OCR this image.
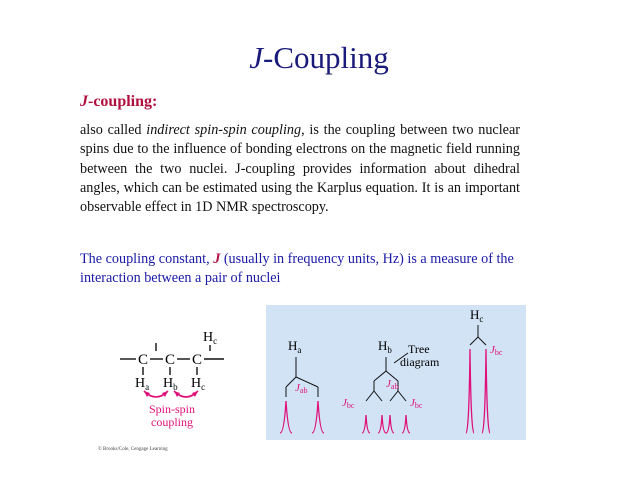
J-Coupling
J-coupling:
also called indirect spin-spin coupling, is the coupling between two nuclear spins due to the influence of bonding electrons on the magnetic field running between the two nuclei. J-coupling provides information about dihedral angles, which can be estimated using the Karplus equation. It is an important observable effect in 1D NMR spectroscopy.
The coupling constant, J (usually in frequency units, Hz) is a measure of the interaction between a pair of nuclei
$H_c$
C C C
$H_a$ $H_b$ $H_c$
Spin-spin
coupling
© Brooks/Cole, Cengage Learning
$H_a$
Jab
$H_b$
Jab
Jbc	Jbc
Tree
diagram
$H_c$
Jbc
